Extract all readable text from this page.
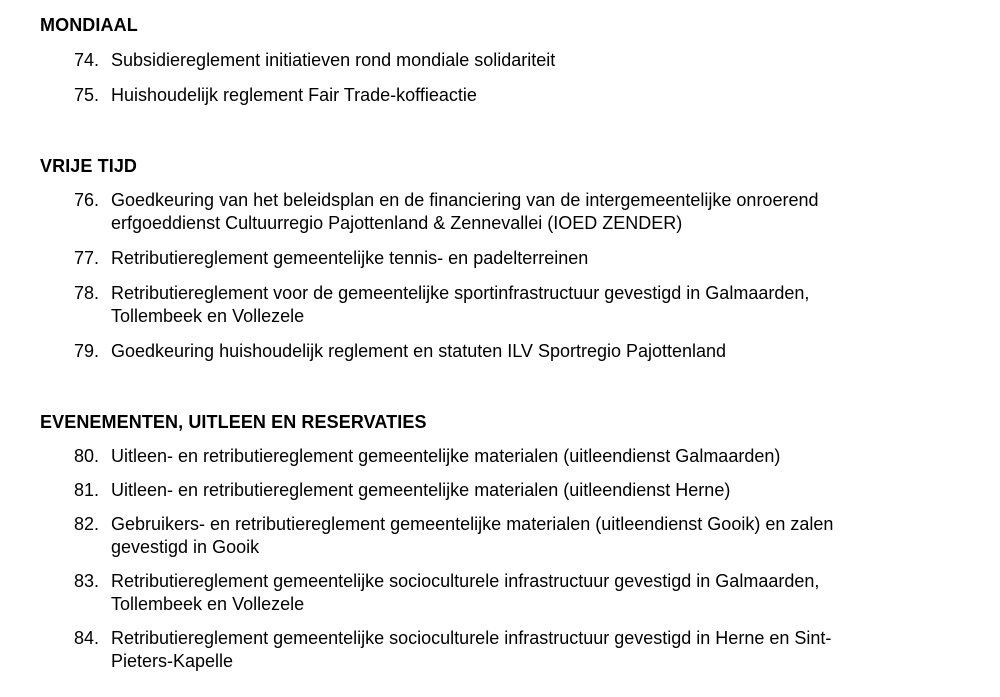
MONDIAAL
74. Subsidiereglement initiatieven rond mondiale solidariteit
75. Huishoudelijk reglement Fair Trade-koffieactie
VRIJE TIJD
76. Goedkeuring van het beleidsplan en de financiering van de intergemeentelijke onroerend
erfgoeddienst Cultuurregio Pajottenland & Zennevallei (IOED ZENDER)
77. Retributiereglement gemeentelijke tennis- en padelterreinen
78. Retributiereglement voor de gemeentelijke sportinfrastructuur gevestigd in Galmaarden,
Tollembeek en Vollezele
79. Goedkeuring huishoudelijk reglement en statuten ILV Sportregio Pajottenland
EVENEMENTEN, UITLEEN EN RESERVATIES
80. Uitleen- en retributiereglement gemeentelijke materialen (uitleendienst Galmaarden)
81. Uitleen- en retributiereglement gemeentelijke materialen (uitleendienst Herne)
82. Gebruikers- en retributiereglement gemeentelijke materialen (uitleendienst Gooik) en zalen
gevestigd in Gooik
83. Retributiereglement gemeentelijke socioculturele infrastructuur gevestigd in Galmaarden,
Tollembeek en Vollezele
84. Retributiereglement gemeentelijke socioculturele infrastructuur gevestigd in Herne en Sint-
Pieters-Kapelle
